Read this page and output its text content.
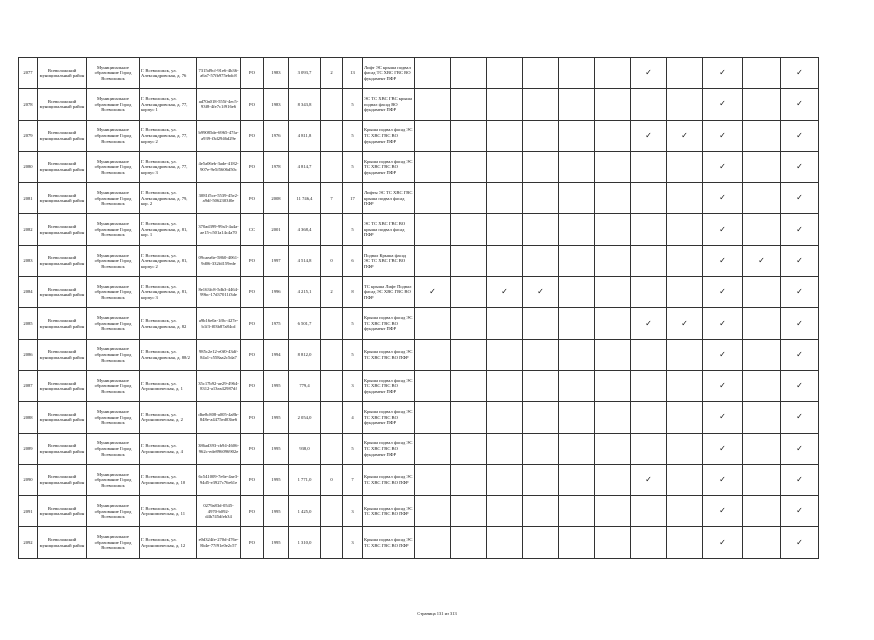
2077	Всеволожский муниципальный район	Муниципальное образование Город Всеволожск	Г. Всеволожск, ул. Александровская, д. 76	7315d9cf-91e6-4b36-a6a7-57fb975ebdc8	РО	1983	3 093,7	2	13	Лифт ЭС крыша подвал фасад ТС ХВС ГВС ВО фундамент ПФР							✓		✓		✓
2078	Всеволожский муниципальный район	Муниципальное образование Город Всеволожск	Г. Всеволожск, ул. Александровская, д. 77, корпус 1	ad70a018-555f-4ec5-93f8-4fe7c1f916e6	РО	1983	8 343,8		5	ЭС ТС ХВС ГВС крыша подвал фасад ВО фундамент ПФР									✓		✓
2079	Всеволожский муниципальный район	Муниципальное образование Город Всеволожск	Г. Всеволожск, ул. Александровская, д. 77, корпус 2	b99085de-6965-47fa-a939-f3d2946d29e	РО	1976	4 811,8		5	Крыша подвал фасад ЭС ТС ХВС ГВС ВО фундамент ПФР							✓	✓	✓		✓
2080	Всеволожский муниципальный район	Муниципальное образование Город Всеволожск	Г. Всеволожск, ул. Александровская, д. 77, корпус 3	4e5a06eb-3ade-4182-907e-9e5f5606d50c	РО	1978	4 814,7		5	Крыша подвал фасад ЭС ТС ХВС ГВС ВО фундамент ПФР									✓		✓
2081	Всеволожский муниципальный район	Муниципальное образование Город Всеволожск	Г. Всеволожск, ул. Александровская, д. 79, кор. 2	3081f5ce-5539-45e2-a9df-5062303f0e	РО	2008	11 746,4	7	17	Лифты ЭС ТС ХВС ГВС крыша подвал фасад ПФР									✓		✓
2082	Всеволожский муниципальный район	Муниципальное образование Город Всеволожск	Г. Всеволожск, ул. Александровская, д. 81, кор. 1	370ad399-99a3-4a4a-ae15-c501a14c4a70	СС	2001	4 368,4		5	ЭС ТС ХВС ГВС ВО крыша подвал фасад ПФР									✓		✓
2083	Всеволожский муниципальный район	Муниципальное образование Город Всеволожск	Г. Всеволожск, ул. Александровская, д. 81, корпус 2	09caea6e-5860-4061-9d06-332fd159ede	РО	1997	4 514,8	0	6	Подвал Крыша фасад ЭС ТС ХВС ГВС ВО ПФР									✓	✓	✓
2084	Всеволожский муниципальный район	Муниципальное образование Город Всеволожск	Г. Всеволожск, ул. Александровская, д. 81, корпус 3	8e163fc8-5db3-4464-99bc-17d37011f3de	РО	1996	4 215,1	2	8	ТС крыша Лифт Подвал фасад ЭС ХВС ГВС ВО ПФР	✓		✓	✓					✓		✓
2085	Всеволожский муниципальный район	Муниципальное образование Город Всеволожск	Г. Всеволожск, ул. Александровская, д. 82	a9b16e0a-1f0c-427e-b1f3-f03b87a84cd	РО	1975	6 501,7		5	Крыша подвал фасад ЭС ТС ХВС ГВС ВО фундамент ПФР							✓	✓	✓		✓
2086	Всеволожский муниципальный район	Муниципальное образование Город Всеволожск	Г. Всеволожск, ул. Александровская, д. 88/2	985c2e12-e0f0-43df-84a1-c558aa2c5da7	РО	1994	8 812,0		5	Крыша подвал фасад ЭС ТС ХВС ГВС ВО ПФР									✓		✓
2087	Всеволожский муниципальный район	Муниципальное образование Город Всеволожск	Г. Всеволожск, ул. Агрономическая, д. 1	35c17b92-ae29-4964-8312-a13ea42987df	РО	1995	779,4		3	Крыша подвал фасад ЭС ТС ХВС ГВС ВО фундамент ПФР									✓		✓
2088	Всеволожский муниципальный район	Муниципальное образование Город Всеволожск	Г. Всеволожск, ул. Агрономическая, д. 2	dbe8c808-a005-4a8b-848e-a4475ed03be6	РО	1995	2 054,0		4	Крыша подвал фасад ЭС ТС ХВС ГВС ВО фундамент ПФР									✓		✓
2089	Всеволожский муниципальный район	Муниципальное образование Город Всеволожск	Г. Всеволожск, ул. Агрономическая, д. 4	386ad393-cb94-4606-962c-ede896096902e	РО	1995	938,0		5	Крыша подвал фасад ЭС ТС ХВС ГВС ВО фундамент ПФР									✓		✓
2090	Всеволожский муниципальный район	Муниципальное образование Город Всеволожск	Г. Всеволожск, ул. Агрономическая, д. 10	6c541009-7e6e-4ae3-94d5-e3927c76e61e	РО	1995	1 771,0	0	7	Крыша подвал фасад ЭС ТС ХВС ГВС ВО ПФР							✓		✓		✓
2091	Всеволожский муниципальный район	Муниципальное образование Город Всеволожск	Г. Всеволожск, ул. Агрономическая, д. 11	0279a83d-0545-4970-b092-d4b745dfeb34	РО	1995	1 425,0		3	Крыша подвал фасад ЭС ТС ХВС ГВС ВО ПФР									✓		✓
2092	Всеволожский муниципальный район	Муниципальное образование Город Всеволожск	Г. Всеволожск, ул. Агрономическая, д. 12	e0d324fe-270d-476e-8b4e-77f91e0e2c57	РО	1995	1 310,0		3	Крыша подвал фасад ЭС ТС ХВС ГВС ВО ПФР									✓		✓
Страница 131 из 313
